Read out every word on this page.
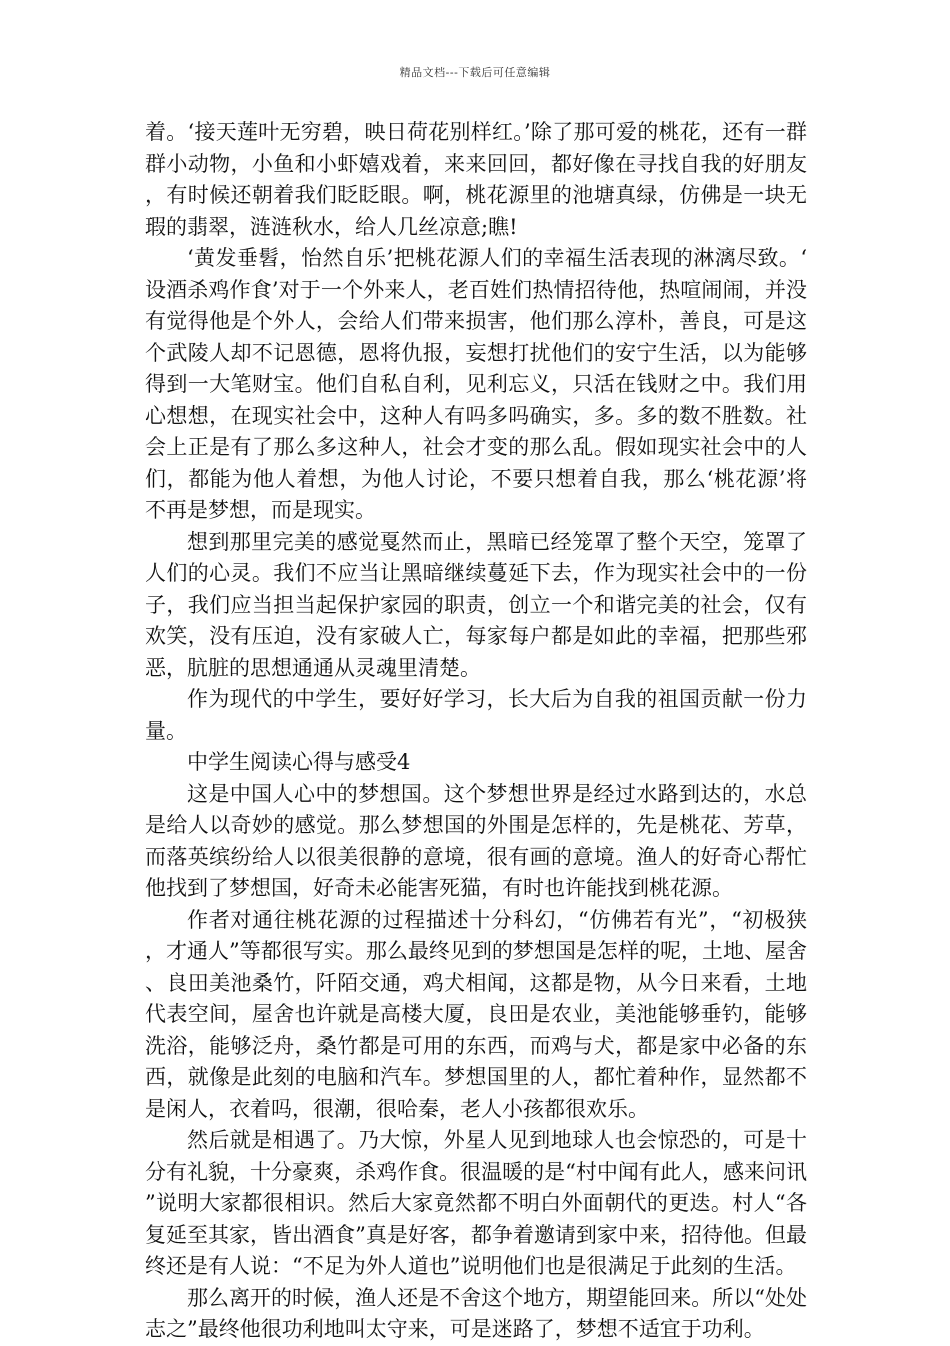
精品文档---下载后可任意编辑

着。‘接天莲叶无穷碧，映日荷花别样红。’除了那可爱的桃花，还有一群群小动物，小鱼和小虾嬉戏着，来来回回，都好像在寻找自我的好朋友，有时候还朝着我们眨眨眼。啊，桃花源里的池塘真绿，仿佛是一块无瑕的翡翠，涟涟秋水，给人几丝凉意;瞧!

‘黄发垂髫，怡然自乐’把桃花源人们的幸福生活表现的淋漓尽致。‘设酒杀鸡作食’对于一个外来人，老百姓们热情招待他，热喧闹闹，并没有觉得他是个外人，会给人们带来损害，他们那么淳朴，善良，可是这个武陵人却不记恩德，恩将仇报，妄想打扰他们的安宁生活，以为能够得到一大笔财宝。他们自私自利，见利忘义，只活在钱财之中。我们用心想想，在现实社会中，这种人有吗多吗确实，多。多的数不胜数。社会上正是有了那么多这种人，社会才变的那么乱。假如现实社会中的人们，都能为他人着想，为他人讨论，不要只想着自我，那么‘桃花源’将不再是梦想，而是现实。

想到那里完美的感觉戛然而止，黑暗已经笼罩了整个天空，笼罩了人们的心灵。我们不应当让黑暗继续蔓延下去，作为现实社会中的一份子，我们应当担当起保护家园的职责，创立一个和谐完美的社会，仅有欢笑，没有压迫，没有家破人亡，每家每户都是如此的幸福，把那些邪恶，肮脏的思想通通从灵魂里清楚。

作为现代的中学生，要好好学习，长大后为自我的祖国贡献一份力量。

中学生阅读心得与感受4

这是中国人心中的梦想国。这个梦想世界是经过水路到达的，水总是给人以奇妙的感觉。那么梦想国的外围是怎样的，先是桃花、芳草，而落英缤纷给人以很美很静的意境，很有画的意境。渔人的好奇心帮忙他找到了梦想国，好奇未必能害死猫，有时也许能找到桃花源。

作者对通往桃花源的过程描述十分科幻，“仿佛若有光”，“初极狭，才通人”等都很写实。那么最终见到的梦想国是怎样的呢，土地、屋舍、良田美池桑竹，阡陌交通，鸡犬相闻，这都是物，从今日来看，土地代表空间，屋舍也许就是高楼大厦，良田是农业，美池能够垂钓，能够洗浴，能够泛舟，桑竹都是可用的东西，而鸡与犬，都是家中必备的东西，就像是此刻的电脑和汽车。梦想国里的人，都忙着种作，显然都不是闲人，衣着吗，很潮，很哈秦，老人小孩都很欢乐。

然后就是相遇了。乃大惊，外星人见到地球人也会惊恐的，可是十分有礼貌，十分豪爽，杀鸡作食。很温暖的是“村中闻有此人，感来问讯”说明大家都很相识。然后大家竟然都不明白外面朝代的更迭。村人“各复延至其家，皆出酒食”真是好客，都争着邀请到家中来，招待他。但最终还是有人说：“不足为外人道也”说明他们也是很满足于此刻的生活。

那么离开的时候，渔人还是不舍这个地方，期望能回来。所以“处处志之”最终他很功利地叫太守来，可是迷路了，梦想不适宜于功利。
